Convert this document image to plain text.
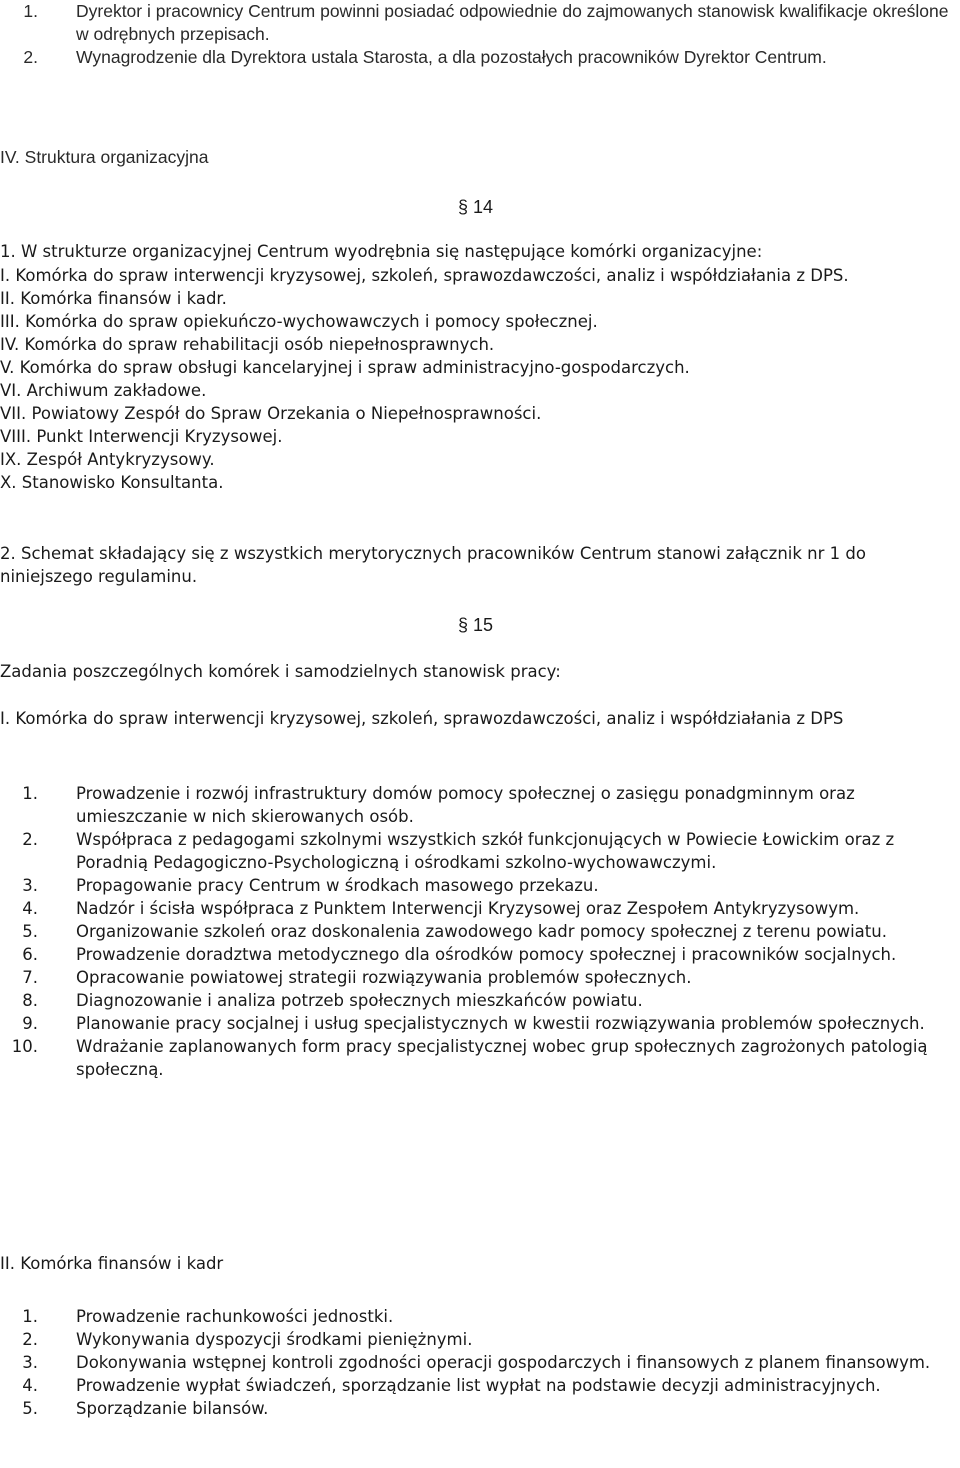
1.	Dyrektor i pracownicy Centrum powinni posiadać odpowiednie do zajmowanych stanowisk kwalifikacje określone w odrębnych przepisach.
2.	Wynagrodzenie dla Dyrektora ustala Starosta, a dla pozostałych pracowników Dyrektor Centrum.

IV. Struktura organizacyjna

§ 14

1. W strukturze organizacyjnej Centrum wyodrębnia się następujące komórki organizacyjne:

I. Komórka do spraw interwencji kryzysowej, szkoleń, sprawozdawczości, analiz i współdziałania z DPS.

II. Komórka finansów i kadr.

III. Komórka do spraw opiekuńczo-wychowawczych i pomocy społecznej.

IV. Komórka do spraw rehabilitacji osób niepełnosprawnych.

V. Komórka do spraw obsługi kancelaryjnej i spraw administracyjno-gospodarczych.

VI. Archiwum zakładowe.

VII. Powiatowy Zespół do Spraw Orzekania o Niepełnosprawności.

VIII. Punkt Interwencji Kryzysowej.

IX. Zespół Antykryzysowy.

X. Stanowisko Konsultanta.

2. Schemat składający się z wszystkich merytorycznych pracowników Centrum stanowi załącznik nr 1 do niniejszego regulaminu.

§ 15

Zadania poszczególnych komórek i samodzielnych stanowisk pracy:

I. Komórka do spraw interwencji kryzysowej, szkoleń, sprawozdawczości, analiz i współdziałania z DPS

1.	Prowadzenie i rozwój infrastruktury domów pomocy społecznej o zasięgu ponadgminnym oraz umieszczanie w nich skierowanych osób.
2.	Współpraca z pedagogami szkolnymi wszystkich szkół funkcjonujących w Powiecie Łowickim oraz z Poradnią Pedagogiczno-Psychologiczną i ośrodkami szkolno-wychowawczymi.
3.	Propagowanie pracy Centrum w środkach masowego przekazu.
4.	Nadzór i ścisła współpraca z Punktem Interwencji Kryzysowej oraz Zespołem Antykryzysowym.
5.	Organizowanie szkoleń oraz doskonalenia zawodowego kadr pomocy społecznej z terenu powiatu.
6.	Prowadzenie doradztwa metodycznego dla ośrodków pomocy społecznej i pracowników socjalnych.
7.	Opracowanie powiatowej strategii rozwiązywania problemów społecznych.
8.	Diagnozowanie i analiza potrzeb społecznych mieszkańców powiatu.
9.	Planowanie pracy socjalnej i usług specjalistycznych w kwestii rozwiązywania problemów społecznych.
10.	Wdrażanie zaplanowanych form pracy specjalistycznej wobec grup społecznych zagrożonych patologią społeczną.

II. Komórka finansów i kadr

1.	Prowadzenie rachunkowości jednostki.
2.	Wykonywania dyspozycji środkami pieniężnymi.
3.	Dokonywania wstępnej kontroli zgodności operacji gospodarczych i finansowych z planem finansowym.
4.	Prowadzenie wypłat świadczeń, sporządzanie list wypłat na podstawie decyzji administracyjnych.
5.	Sporządzanie bilansów.
